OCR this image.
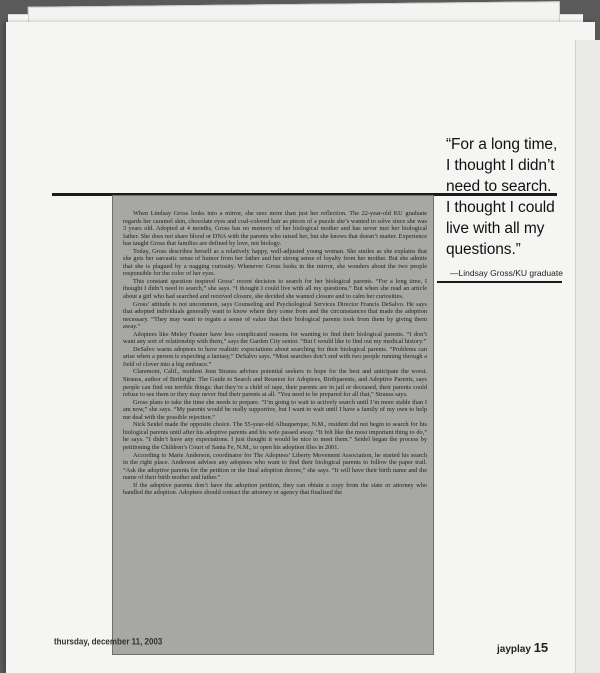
“For a long time,
I thought I didn’t
need to search.
I thought I could
live with all my
questions.”
—Lindsay Gross/KU graduate

When Lindsay Gross looks into a mirror, she sees more than just her reflection. The 22-year-old KU graduate regards her caramel skin, chocolate eyes and coal-colored hair as pieces of a puzzle she’s wanted to solve since she was 3 years old. Adopted at 4 months, Gross has no memory of her biological mother and has never met her biological father. She does not share blood or DNA with the parents who raised her, but she knows that doesn’t matter. Experience has taught Gross that families are defined by love, not biology.

Today, Gross describes herself as a relatively happy, well-adjusted young woman. She smiles as she explains that she gets her sarcastic sense of humor from her father and her strong sense of loyalty from her mother. But she admits that she is plagued by a nagging curiosity. Whenever Gross looks in the mirror, she wonders about the two people responsible for the color of her eyes.

This constant question inspired Gross’ recent decision to search for her biological parents. “For a long time, I thought I didn’t need to search,” she says. “I thought I could live with all my questions.” But when she read an article about a girl who had searched and received closure, she decided she wanted closure and to calm her curiosities.

Gross’ attitude is not uncommon, says Counseling and Psychological Services Director Francis DeSalvo. He says that adopted individuals generally want to know where they come from and the circumstances that made the adoption necessary. “They may want to regain a sense of value that their biological parents took from them by giving them away.”

Adoptees like Meley Feaster have less complicated reasons for wanting to find their biological parents. “I don’t want any sort of relationship with them,” says the Garden City senior. “But I would like to find out my medical history.”

DeSalvo warns adoptees to have realistic expectations about searching for their biological parents. “Problems can arise when a person is expecting a fantasy,” DeSalvo says. “Most searches don’t end with two people running through a field of clover into a big embrace.”

Claremont, Calif., resident Jean Strauss advises potential seekers to hope for the best and anticipate the worst. Strauss, author of Birthright: The Guide to Search and Reunion for Adoptees, Birthparents, and Adoptive Parents, says people can find out terrible things: that they’re a child of rape, their parents are in jail or deceased, their parents could refuse to see them or they may never find their parents at all. “You need to be prepared for all that,” Strauss says.

Gross plans to take the time she needs to prepare. “I’m going to wait to actively search until I’m more stable than I am now,” she says. “My parents would be really supportive, but I want to wait until I have a family of my own to help me deal with the possible rejection.”

Nick Seidel made the opposite choice. The 55-year-old Albuquerque, N.M., resident did not begin to search for his biological parents until after his adoptive parents and his wife passed away. “It felt like the most important thing to do,” he says. “I didn’t have any expectations. I just thought it would be nice to meet them.” Seidel began the process by petitioning the Children’s Court of Santa Fe, N.M., to open his adoption files in 2001.

According to Marie Anderson, coordinator for The Adoptees’ Liberty Movement Association, he started his search in the right place. Anderson advises any adoptees who want to find their biological parents to follow the paper trail. “Ask the adoptive parents for the petition or the final adoption decree,” she says. “It will have their birth name and the name of their birth mother and father.”

If the adoptive parents don’t have the adoption petition, they can obtain a copy from the state or attorney who handled the adoption. Adoptees should contact the attorney or agency that finalized the

thursday, december 11, 2003
jayplay 15
